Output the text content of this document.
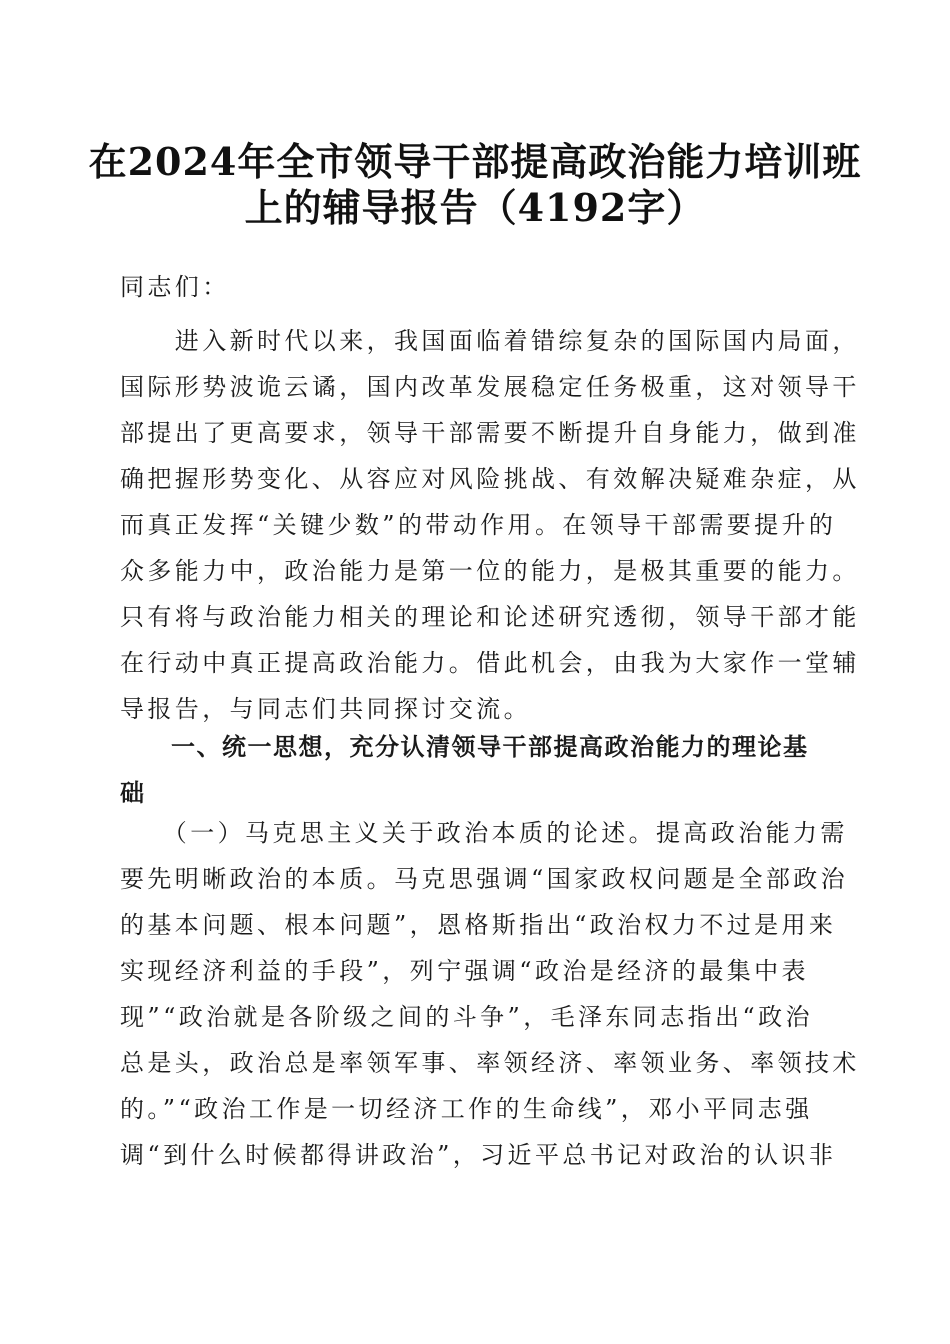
在2024年全市领导干部提高政治能力培训班
上的辅导报告（4192字）

同志们：

　　进入新时代以来，我国面临着错综复杂的国际国内局面，
国际形势波诡云谲，国内改革发展稳定任务极重，这对领导干
部提出了更高要求，领导干部需要不断提升自身能力，做到准
确把握形势变化、从容应对风险挑战、有效解决疑难杂症，从
而真正发挥“关键少数”的带动作用。在领导干部需要提升的
众多能力中，政治能力是第一位的能力，是极其重要的能力。
只有将与政治能力相关的理论和论述研究透彻，领导干部才能
在行动中真正提高政治能力。借此机会，由我为大家作一堂辅
导报告，与同志们共同探讨交流。

　　一、统一思想，充分认清领导干部提高政治能力的理论基
础

　　（一）马克思主义关于政治本质的论述。提高政治能力需
要先明晰政治的本质。马克思强调“国家政权问题是全部政治
的基本问题、根本问题”，恩格斯指出“政治权力不过是用来
实现经济利益的手段”，列宁强调“政治是经济的最集中表
现”“政治就是各阶级之间的斗争”，毛泽东同志指出“政治
总是头，政治总是率领军事、率领经济、率领业务、率领技术
的。”“政治工作是一切经济工作的生命线”，邓小平同志强
调“到什么时候都得讲政治”，习近平总书记对政治的认识非
